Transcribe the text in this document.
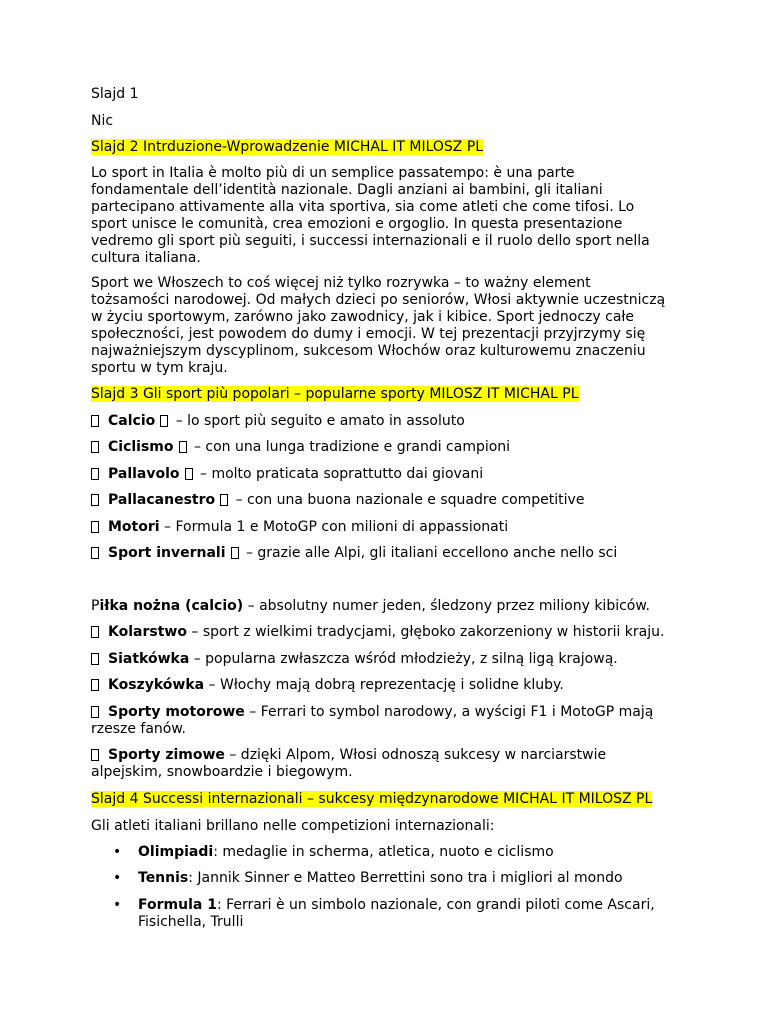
Slajd 1

Nic

Slajd 2 Intrduzione-Wprowadzenie MICHAL IT MILOSZ PL

Lo sport in Italia è molto più di un semplice passatempo: è una parte
fondamentale dell’identità nazionale. Dagli anziani ai bambini, gli italiani
partecipano attivamente alla vita sportiva, sia come atleti che come tifosi. Lo
sport unisce le comunità, crea emozioni e orgoglio. In questa presentazione
vedremo gli sport più seguiti, i successi internazionali e il ruolo dello sport nella
cultura italiana.
Sport we Włoszech to coś więcej niż tylko rozrywka – to ważny element
tożsamości narodowej. Od małych dzieci po seniorów, Włosi aktywnie uczestniczą
w życiu sportowym, zarówno jako zawodnicy, jak i kibice. Sport jednoczy całe
społeczności, jest powodem do dumy i emocji. W tej prezentacji przyjrzymy się
najważniejszym dyscyplinom, sukcesom Włochów oraz kulturowemu znaczeniu
sportu w tym kraju.

Slajd 3 Gli sport più popolari – popularne sporty MILOSZ IT MICHAL PL

Calcio – lo sport più seguito e amato in assoluto

Ciclismo – con una lunga tradizione e grandi campioni

Pallavolo – molto praticata soprattutto dai giovani

Pallacanestro – con una buona nazionale e squadre competitive

Motori – Formula 1 e MotoGP con milioni di appassionati

Sport invernali – grazie alle Alpi, gli italiani eccellono anche nello sci

Piłka nożna (calcio) – absolutny numer jeden, śledzony przez miliony kibiców.

Kolarstwo – sport z wielkimi tradycjami, głęboko zakorzeniony w historii kraju.

Siatkówka – popularna zwłaszcza wśród młodzieży, z silną ligą krajową.

Koszykówka – Włochy mają dobrą reprezentację i solidne kluby.

Sporty motorowe – Ferrari to symbol narodowy, a wyścigi F1 i MotoGP mają
rzesze fanów.
Sporty zimowe – dzięki Alpom, Włosi odnoszą sukcesy w narciarstwie
alpejskim, snowboardzie i biegowym.

Slajd 4 Successi internazionali – sukcesy międzynarodowe MICHAL IT MILOSZ PL

Gli atleti italiani brillano nelle competizioni internazionali:

• Olimpiadi: medaglie in scherma, atletica, nuoto e ciclismo

• Tennis: Jannik Sinner e Matteo Berrettini sono tra i migliori al mondo

• Formula 1: Ferrari è un simbolo nazionale, con grandi piloti come Ascari,
Fisichella, Trulli
